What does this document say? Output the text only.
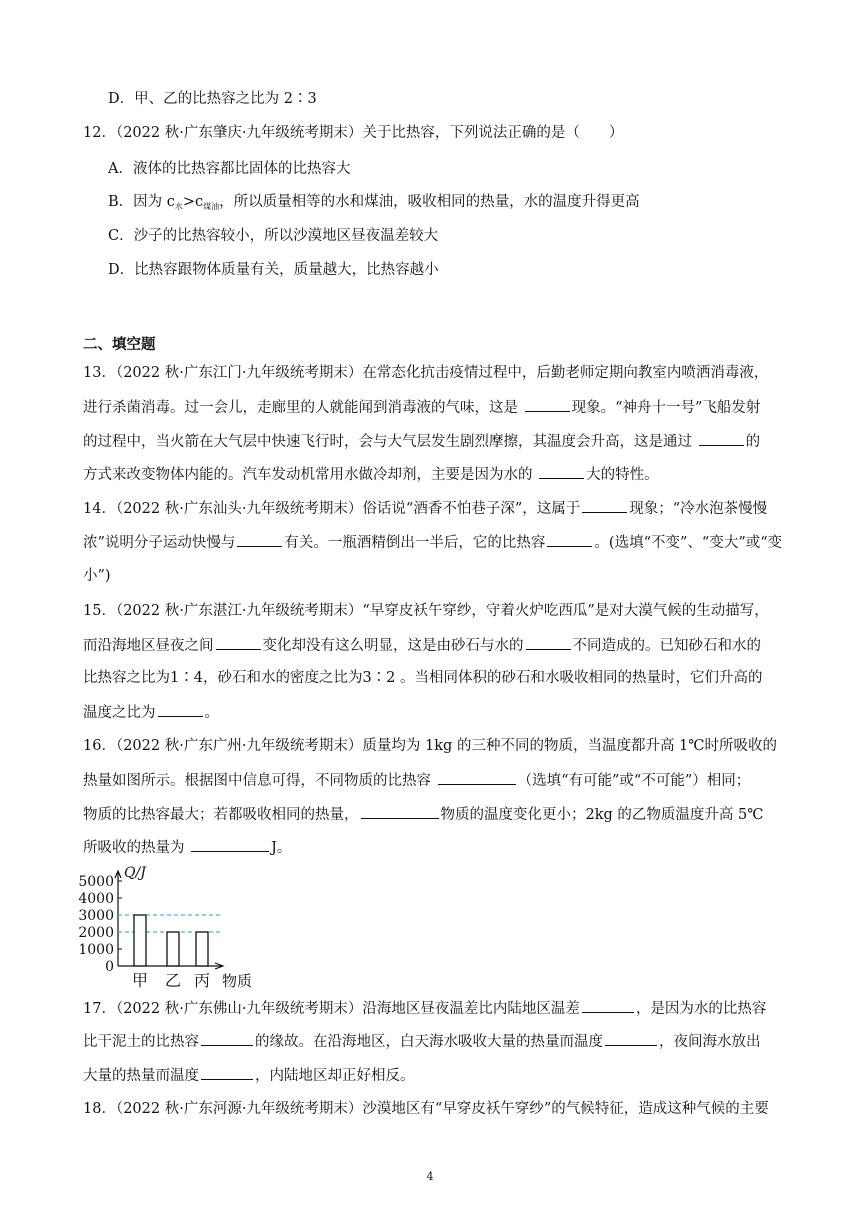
D．甲、乙的比热容之比为 2∶3
12．（2022 秋·广东肇庆·九年级统考期末）关于比热容，下列说法正确的是（　　）
A．液体的比热容都比固体的比热容大
B．因为 $c_水>c_{煤油}$，所以质量相等的水和煤油，吸收相同的热量，水的温度升得更高
C．沙子的比热容较小，所以沙漠地区昼夜温差较大
D．比热容跟物体质量有关，质量越大，比热容越小
二、填空题
13．（2022 秋·广东江门·九年级统考期末）在常态化抗击疫情过程中，后勤老师定期向教室内喷洒消毒液，
进行杀菌消毒。过一会儿，走廊里的人就能闻到消毒液的气味，这是	现象。“神舟十一号”飞船发射
的过程中，当火箭在大气层中快速飞行时，会与大气层发生剧烈摩擦，其温度会升高，这是通过	的
方式来改变物体内能的。汽车发动机常用水做冷却剂，主要是因为水的	大的特性。
14．（2022 秋·广东汕头·九年级统考期末）俗话说“酒香不怕巷子深”，这属于	现象；“冷水泡茶慢慢
浓”说明分子运动快慢与	有关。一瓶酒精倒出一半后，它的比热容	。(选填“不变”、“变大”或“变
小”)
15．（2022 秋·广东湛江·九年级统考期末）“早穿皮袄午穿纱，守着火炉吃西瓜”是对大漠气候的生动描写，
而沿海地区昼夜之间	变化却没有这么明显，这是由砂石与水的	不同造成的。已知砂石和水的
比热容之比为1∶4，砂石和水的密度之比为3∶2 。当相同体积的砂石和水吸收相同的热量时，它们升高的
温度之比为	。
16．（2022 秋·广东广州·九年级统考期末）质量均为 1kg 的三种不同的物质，当温度都升高 1℃时所吸收的
热量如图所示。根据图中信息可得，不同物质的比热容	（选填“有可能”或“不可能”）相同；
物质的比热容最大；若都吸收相同的热量，	物质的温度变化更小；2kg 的乙物质温度升高 5℃
所吸收的热量为	J。
0
1000
2000
3000
4000
5000
甲 乙 丙
Q/J
物质
17．（2022 秋·广东佛山·九年级统考期末）沿海地区昼夜温差比内陆地区温差	，是因为水的比热容
比干泥土的比热容	的缘故。在沿海地区，白天海水吸收大量的热量而温度	，夜间海水放出
大量的热量而温度	，内陆地区却正好相反。
18．（2022 秋·广东河源·九年级统考期末）沙漠地区有“早穿皮袄午穿纱”的气候特征，造成这种气候的主要
4
